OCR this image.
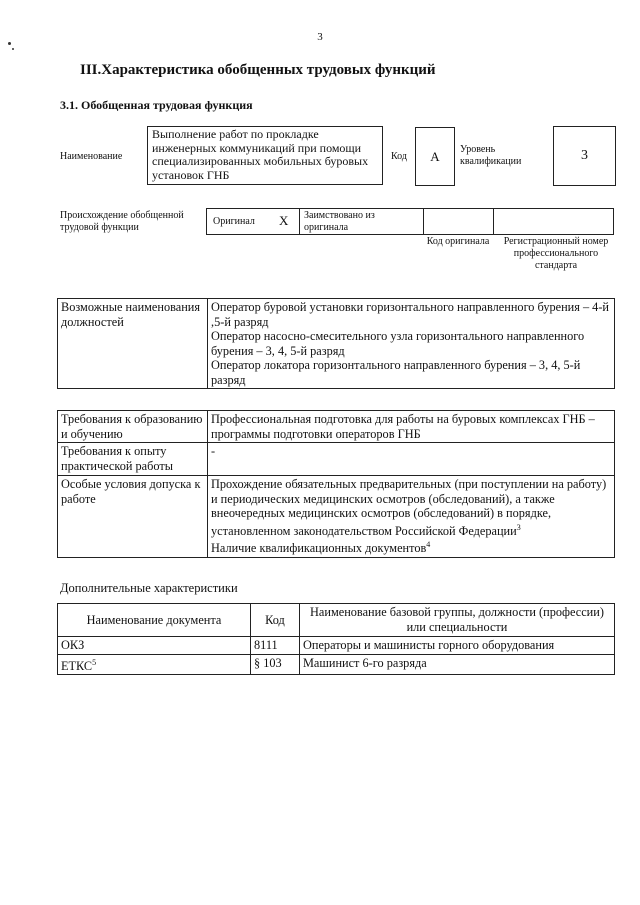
3
III.Характеристика обобщенных трудовых функций
3.1. Обобщенная трудовая функция
Наименование
Выполнение работ по прокладке инженерных коммуникаций при помощи специализированных мобильных буровых установок ГНБ
Код A Уровень квалификации	3
Происхождение обобщенной трудовой функции
Оригинал X Заимствовано из оригинала
Код оригинала	Регистрационный номер профессионального стандарта
Возможные наименования должностей	
Оператор буровой установки горизонтального направленного бурения – 4-й ,5-й разряд
Оператор насосно-смесительного узла горизонтального направленного бурения – 3, 4, 5-й разряд
Оператор локатора горизонтального направленного бурения – 3, 4, 5-й разряд
Требования к образованию и обучению	Профессиональная подготовка для работы на буровых комплексах ГНБ – программы подготовки операторов ГНБ
Требования к опыту практической работы	-
Особые условия допуска к работе	Прохождение обязательных предварительных (при поступлении на работу) и периодических медицинских осмотров (обследований), а также внеочередных медицинских осмотров (обследований) в порядке, установленном законодательством Российской Федерации$^3$
Наличие квалификационных документов$^4$
Дополнительные характеристики
Наименование документа	Код	Наименование базовой группы, должности (профессии) или специальности
ОКЗ	8111	Операторы и машинисты горного оборудования
ЕТКС$^5$	§ 103	Машинист 6-го разряда
